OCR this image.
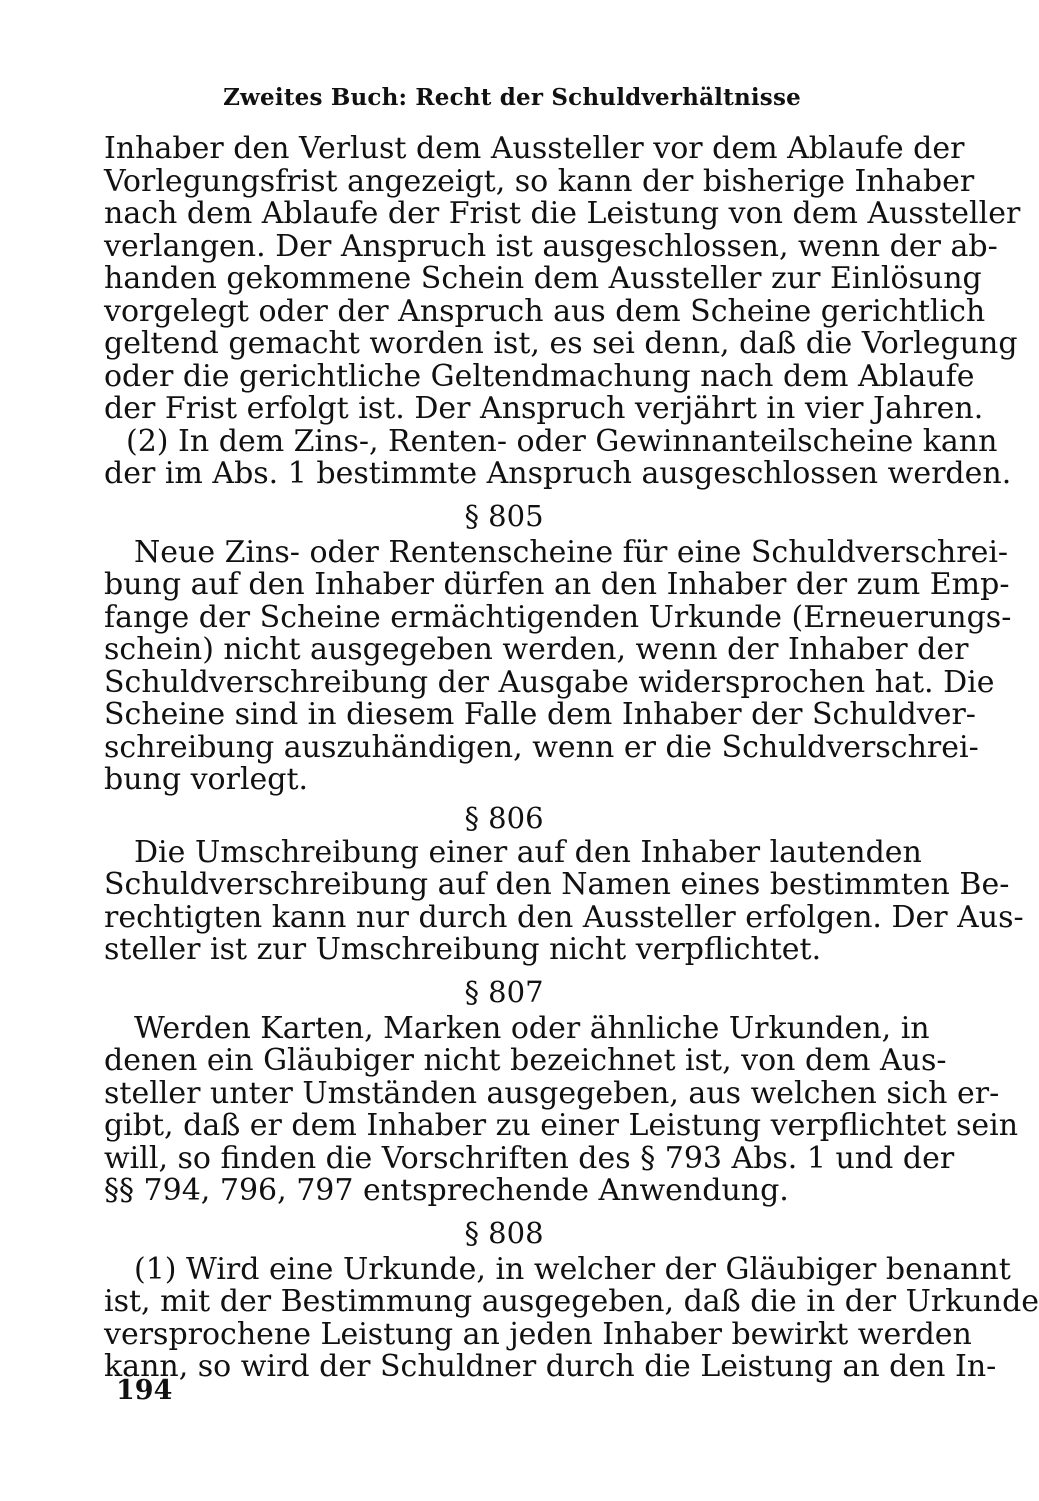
Zweites Buch: Recht der Schuldverhältnisse
Inhaber den Verlust dem Aussteller vor dem Ablaufe der
Vorlegungsfrist angezeigt, so kann der bisherige Inhaber
nach dem Ablaufe der Frist die Leistung von dem Aussteller
verlangen. Der Anspruch ist ausgeschlossen, wenn der ab-
handen gekommene Schein dem Aussteller zur Einlösung
vorgelegt oder der Anspruch aus dem Scheine gerichtlich
geltend gemacht worden ist, es sei denn, daß die Vorlegung
oder die gerichtliche Geltendmachung nach dem Ablaufe
der Frist erfolgt ist. Der Anspruch verjährt in vier Jahren.
(2) In dem Zins-, Renten- oder Gewinnanteilscheine kann
der im Abs. 1 bestimmte Anspruch ausgeschlossen werden.
§ 805
Neue Zins- oder Rentenscheine für eine Schuldverschrei-
bung auf den Inhaber dürfen an den Inhaber der zum Emp-
fange der Scheine ermächtigenden Urkunde (Erneuerungs-
schein) nicht ausgegeben werden, wenn der Inhaber der
Schuldverschreibung der Ausgabe widersprochen hat. Die
Scheine sind in diesem Falle dem Inhaber der Schuldver-
schreibung auszuhändigen, wenn er die Schuldverschrei-
bung vorlegt.
§ 806
Die Umschreibung einer auf den Inhaber lautenden
Schuldverschreibung auf den Namen eines bestimmten Be-
rechtigten kann nur durch den Aussteller erfolgen. Der Aus-
steller ist zur Umschreibung nicht verpflichtet.
§ 807
Werden Karten, Marken oder ähnliche Urkunden, in
denen ein Gläubiger nicht bezeichnet ist, von dem Aus-
steller unter Umständen ausgegeben, aus welchen sich er-
gibt, daß er dem Inhaber zu einer Leistung verpflichtet sein
will, so finden die Vorschriften des § 793 Abs. 1 und der
§§ 794, 796, 797 entsprechende Anwendung.
§ 808
(1) Wird eine Urkunde, in welcher der Gläubiger benannt
ist, mit der Bestimmung ausgegeben, daß die in der Urkunde
versprochene Leistung an jeden Inhaber bewirkt werden
kann, so wird der Schuldner durch die Leistung an den In-

194
